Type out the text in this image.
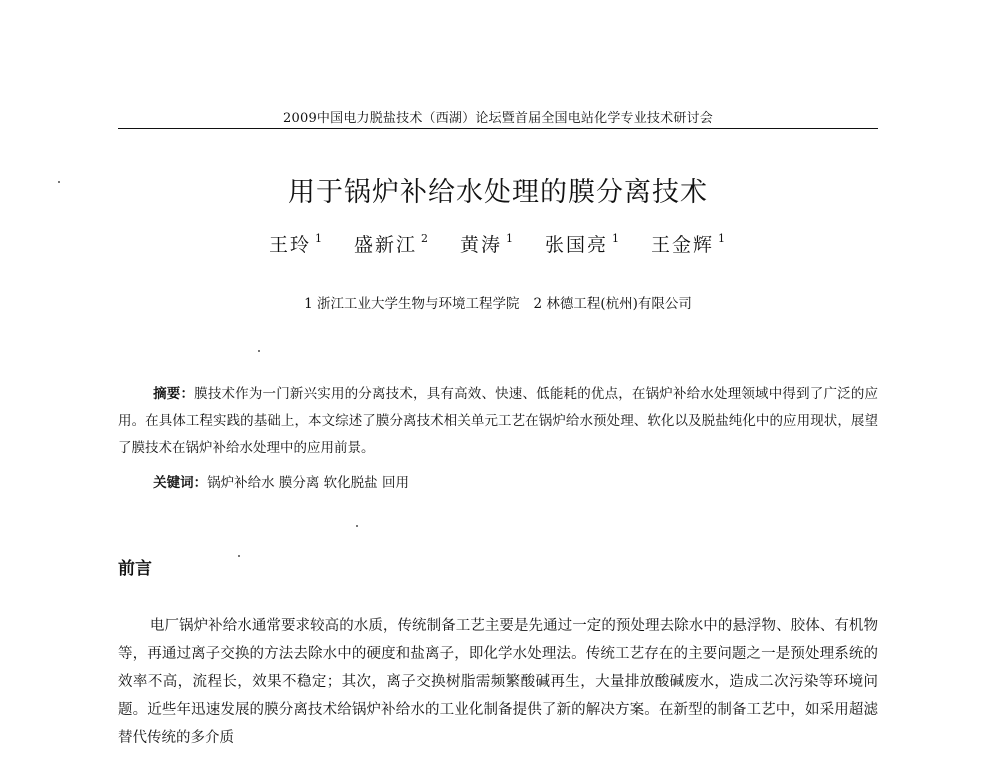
2009中国电力脱盐技术（西湖）论坛暨首届全国电站化学专业技术研讨会
用于锅炉补给水处理的膜分离技术
王玲 $^1$ 盛新江 $^2$ 黄涛 $^1$ 张国亮 $^1$ 王金辉 $^1$
1 浙江工业大学生物与环境工程学院 2 林德工程(杭州)有限公司

摘要：膜技术作为一门新兴实用的分离技术，具有高效、快速、低能耗的优点，在锅炉补给水处理领域中得到了广泛的应用。在具体工程实践的基础上，本文综述了膜分离技术相关单元工艺在锅炉给水预处理、软化以及脱盐纯化中的应用现状，展望了膜技术在锅炉补给水处理中的应用前景。

关键词：锅炉补给水 膜分离 软化脱盐 回用

前言

电厂锅炉补给水通常要求较高的水质，传统制备工艺主要是先通过一定的预处理去除水中的悬浮物、胶体、有机物等，再通过离子交换的方法去除水中的硬度和盐离子，即化学水处理法。传统工艺存在的主要问题之一是预处理系统的效率不高，流程长，效果不稳定；其次，离子交换树脂需频繁酸碱再生，大量排放酸碱废水，造成二次污染等环境问题。近些年迅速发展的膜分离技术给锅炉补给水的工业化制备提供了新的解决方案。在新型的制备工艺中，如采用超滤替代传统的多介质
